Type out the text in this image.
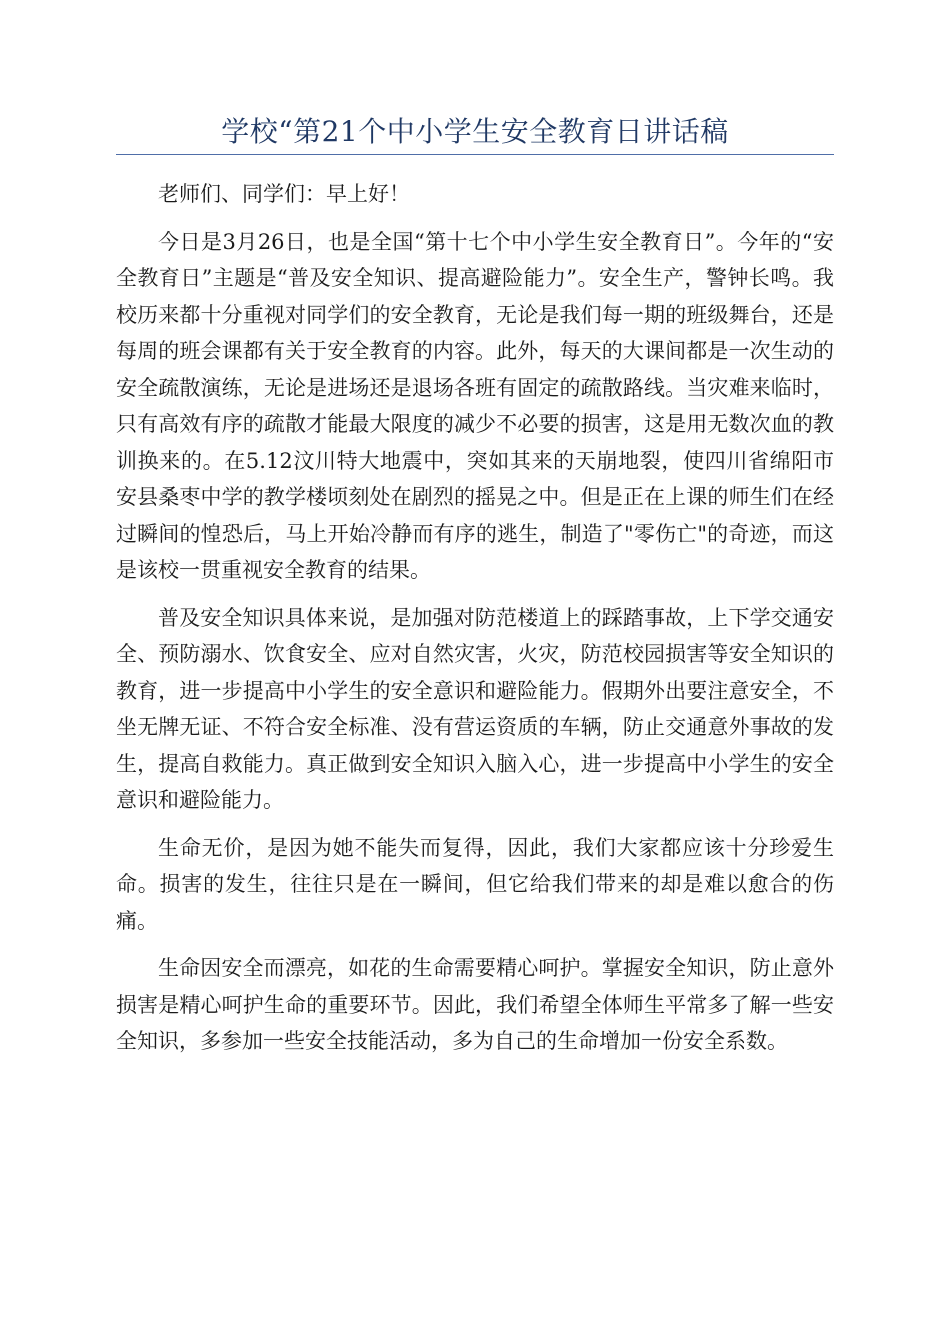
学校“第21个中小学生安全教育日讲话稿

老师们、同学们：早上好！

今日是3月26日，也是全国“第十七个中小学生安全教育日”。今年的“安全教育日”主题是“普及安全知识、提高避险能力”。安全生产，警钟长鸣。我校历来都十分重视对同学们的安全教育，无论是我们每一期的班级舞台，还是每周的班会课都有关于安全教育的内容。此外，每天的大课间都是一次生动的安全疏散演练，无论是进场还是退场各班有固定的疏散路线。当灾难来临时，只有高效有序的疏散才能最大限度的减少不必要的损害，这是用无数次血的教训换来的。在5.12汶川特大地震中，突如其来的天崩地裂，使四川省绵阳市安县桑枣中学的教学楼顷刻处在剧烈的摇晃之中。但是正在上课的师生们在经过瞬间的惶恐后，马上开始冷静而有序的逃生，制造了"零伤亡"的奇迹，而这是该校一贯重视安全教育的结果。

普及安全知识具体来说，是加强对防范楼道上的踩踏事故，上下学交通安全、预防溺水、饮食安全、应对自然灾害，火灾，防范校园损害等安全知识的教育，进一步提高中小学生的安全意识和避险能力。假期外出要注意安全，不坐无牌无证、不符合安全标准、没有营运资质的车辆，防止交通意外事故的发生，提高自救能力。真正做到安全知识入脑入心，进一步提高中小学生的安全意识和避险能力。

生命无价，是因为她不能失而复得，因此，我们大家都应该十分珍爱生命。损害的发生，往往只是在一瞬间，但它给我们带来的却是难以愈合的伤痛。

生命因安全而漂亮，如花的生命需要精心呵护。掌握安全知识，防止意外损害是精心呵护生命的重要环节。因此，我们希望全体师生平常多了解一些安全知识，多参加一些安全技能活动，多为自己的生命增加一份安全系数。
